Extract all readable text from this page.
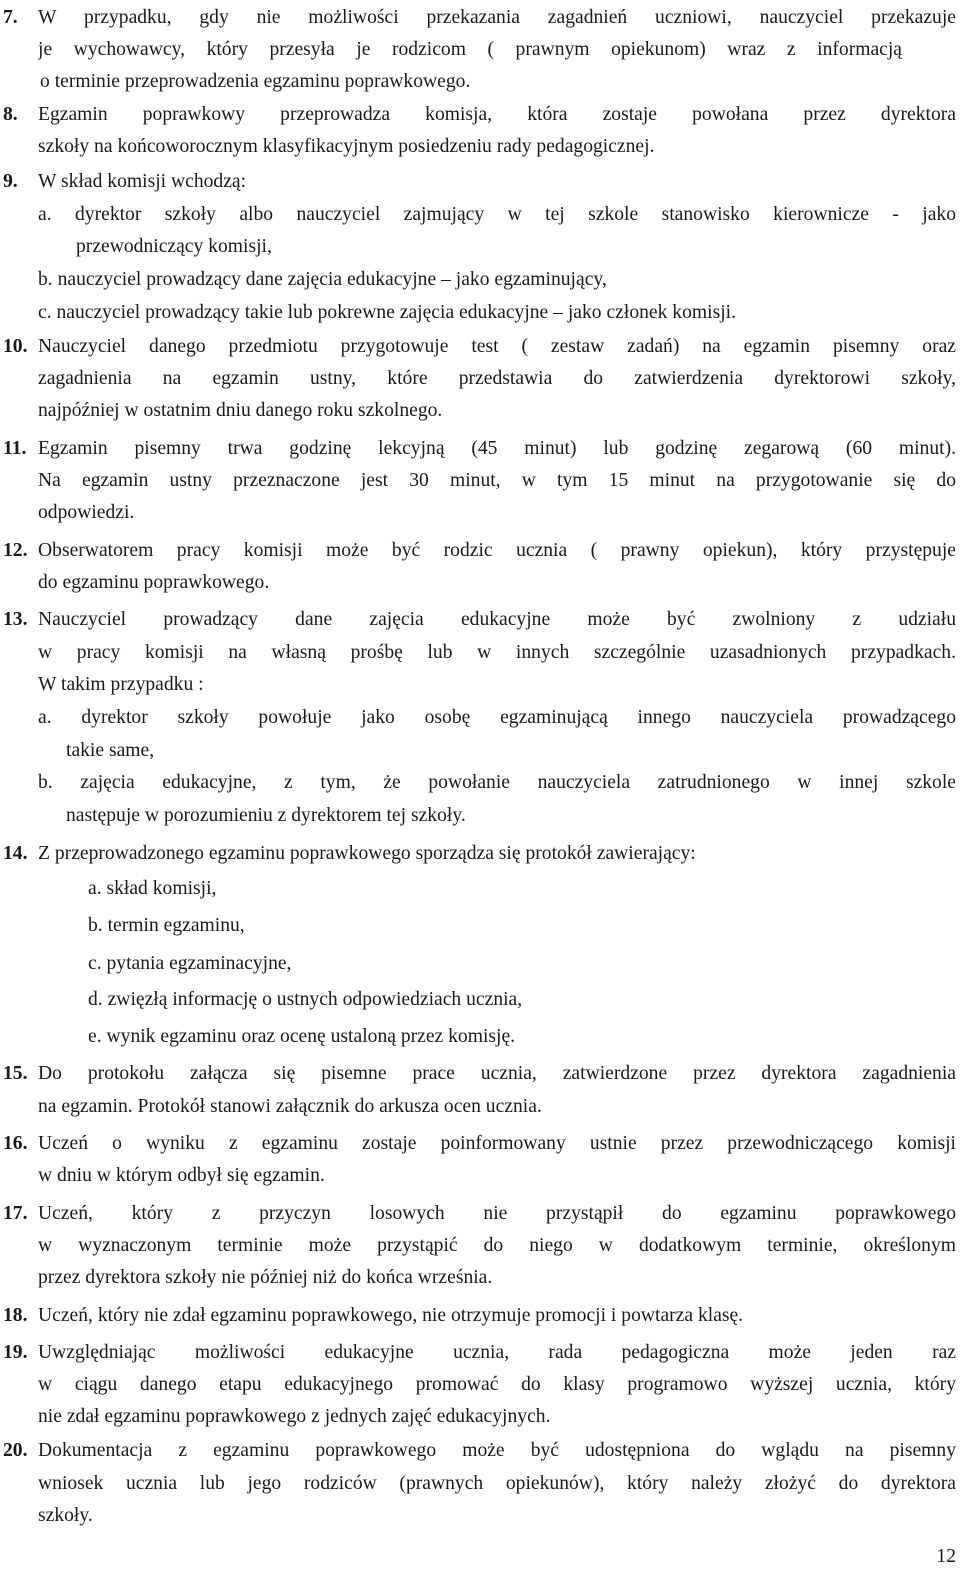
7. W przypadku, gdy nie możliwości przekazania zagadnień uczniowi, nauczyciel przekazuje
je wychowawcy, który przesyła je rodzicom ( prawnym opiekunom) wraz z informacją
o terminie przeprowadzenia egzaminu poprawkowego.
8. Egzamin poprawkowy przeprowadza komisja, która zostaje powołana przez dyrektora
szkoły na końcoworocznym klasyfikacyjnym posiedzeniu rady pedagogicznej.
9. W skład komisji wchodzą:
a. dyrektor szkoły albo nauczyciel zajmujący w tej szkole stanowisko kierownicze - jako
przewodniczący komisji,
b. nauczyciel prowadzący dane zajęcia edukacyjne – jako egzaminujący,
c. nauczyciel prowadzący takie lub pokrewne zajęcia edukacyjne – jako członek komisji.
10. Nauczyciel danego przedmiotu przygotowuje test ( zestaw zadań) na egzamin pisemny oraz
zagadnienia na egzamin ustny, które przedstawia do zatwierdzenia dyrektorowi szkoły,
najpóźniej w ostatnim dniu danego roku szkolnego.
11. Egzamin pisemny trwa godzinę lekcyjną (45 minut) lub godzinę zegarową (60 minut).
Na egzamin ustny przeznaczone jest 30 minut, w tym 15 minut na przygotowanie się do
odpowiedzi.
12. Obserwatorem pracy komisji może być rodzic ucznia ( prawny opiekun), który przystępuje
do egzaminu poprawkowego.
13. Nauczyciel prowadzący dane zajęcia edukacyjne może być zwolniony z udziału
w pracy komisji na własną prośbę lub w innych szczególnie uzasadnionych przypadkach.
W takim przypadku :
a. dyrektor szkoły powołuje jako osobę egzaminującą innego nauczyciela prowadzącego
takie same,
b. zajęcia edukacyjne, z tym, że powołanie nauczyciela zatrudnionego w innej szkole
następuje w porozumieniu z dyrektorem tej szkoły.
14. Z przeprowadzonego egzaminu poprawkowego sporządza się protokół zawierający:
a. skład komisji,
b. termin egzaminu,
c. pytania egzaminacyjne,
d. zwięzłą informację o ustnych odpowiedziach ucznia,
e. wynik egzaminu oraz ocenę ustaloną przez komisję.
15. Do protokołu załącza się pisemne prace ucznia, zatwierdzone przez dyrektora zagadnienia
na egzamin. Protokół stanowi załącznik do arkusza ocen ucznia.
16. Uczeń o wyniku z egzaminu zostaje poinformowany ustnie przez przewodniczącego komisji
w dniu w którym odbył się egzamin.
17. Uczeń, który z przyczyn losowych nie przystąpił do egzaminu poprawkowego
w wyznaczonym terminie może przystąpić do niego w dodatkowym terminie, określonym
przez dyrektora szkoły nie później niż do końca września.
18. Uczeń, który nie zdał egzaminu poprawkowego, nie otrzymuje promocji i powtarza klasę.
19. Uwzględniając możliwości edukacyjne ucznia, rada pedagogiczna może jeden raz
w ciągu danego etapu edukacyjnego promować do klasy programowo wyższej ucznia, który
nie zdał egzaminu poprawkowego z jednych zajęć edukacyjnych.
20. Dokumentacja z egzaminu poprawkowego może być udostępniona do wglądu na pisemny
wniosek ucznia lub jego rodziców (prawnych opiekunów), który należy złożyć do dyrektora
szkoły.
12
